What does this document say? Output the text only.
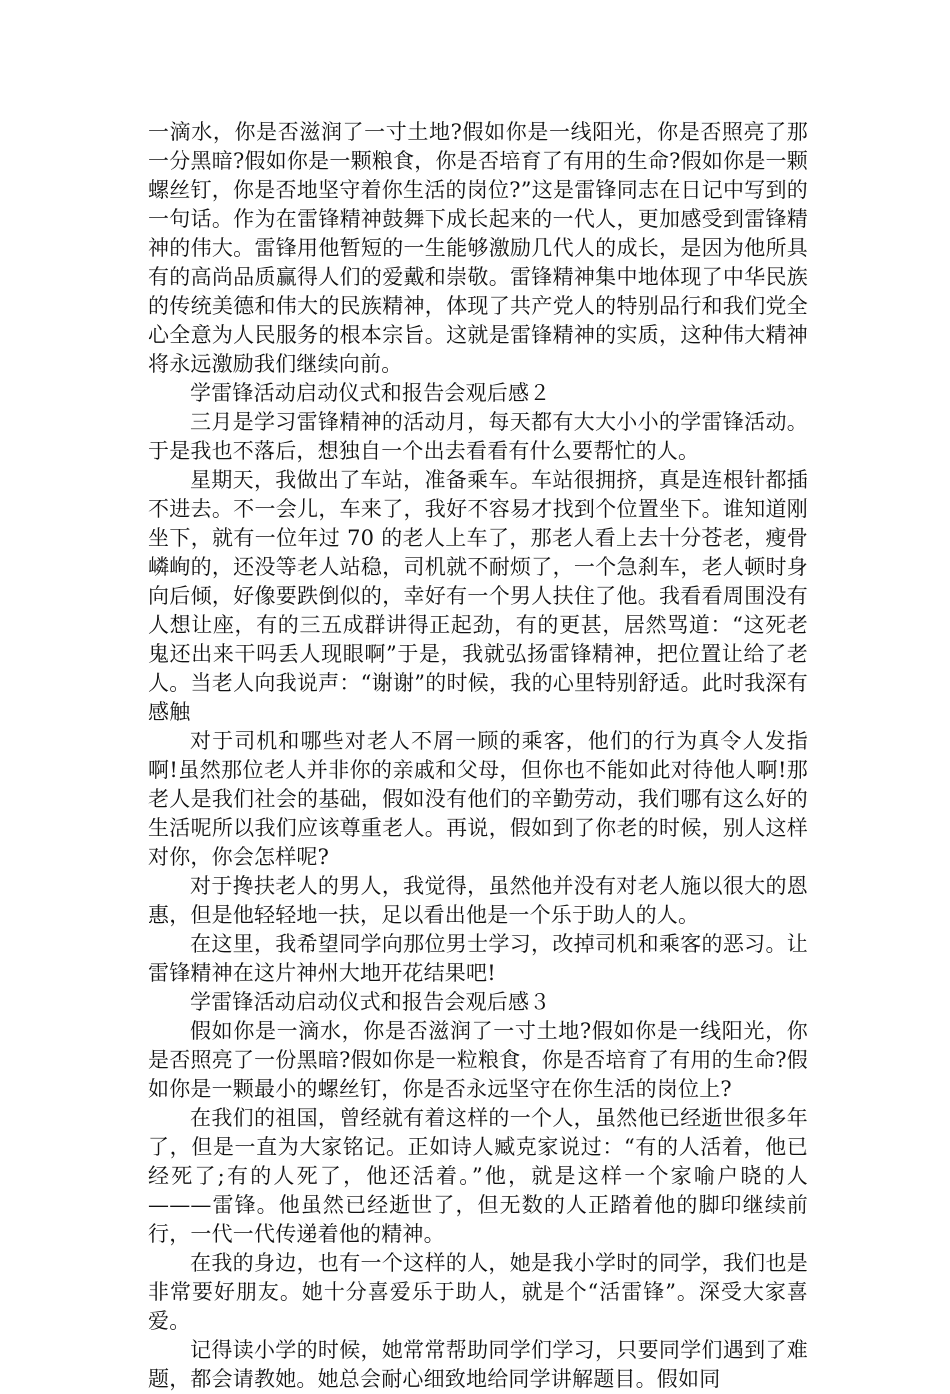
一滴水，你是否滋润了一寸土地?假如你是一线阳光，你是否照亮了那一分黑暗?假如你是一颗粮食，你是否培育了有用的生命?假如你是一颗螺丝钉，你是否地坚守着你生活的岗位?”这是雷锋同志在日记中写到的一句话。作为在雷锋精神鼓舞下成长起来的一代人，更加感受到雷锋精神的伟大。雷锋用他暂短的一生能够激励几代人的成长，是因为他所具有的高尚品质赢得人们的爱戴和崇敬。雷锋精神集中地体现了中华民族的传统美德和伟大的民族精神，体现了共产党人的特别品行和我们党全心全意为人民服务的根本宗旨。这就是雷锋精神的实质，这种伟大精神将永远激励我们继续向前。

学雷锋活动启动仪式和报告会观后感２

三月是学习雷锋精神的活动月，每天都有大大小小的学雷锋活动。于是我也不落后，想独自一个出去看看有什么要帮忙的人。

星期天，我做出了车站，准备乘车。车站很拥挤，真是连根针都插不进去。不一会儿，车来了，我好不容易才找到个位置坐下。谁知道刚坐下，就有一位年过 70 的老人上车了，那老人看上去十分苍老，瘦骨嶙峋的，还没等老人站稳，司机就不耐烦了，一个急刹车，老人顿时身向后倾，好像要跌倒似的，幸好有一个男人扶住了他。我看看周围没有人想让座，有的三五成群讲得正起劲，有的更甚，居然骂道：“这死老鬼还出来干吗丢人现眼啊”于是，我就弘扬雷锋精神，把位置让给了老人。当老人向我说声：“谢谢”的时候，我的心里特别舒适。此时我深有感触

对于司机和哪些对老人不屑一顾的乘客，他们的行为真令人发指啊!虽然那位老人并非你的亲戚和父母，但你也不能如此对待他人啊!那老人是我们社会的基础，假如没有他们的辛勤劳动，我们哪有这么好的生活呢所以我们应该尊重老人。再说，假如到了你老的时候，别人这样对你，你会怎样呢?

对于搀扶老人的男人，我觉得，虽然他并没有对老人施以很大的恩惠，但是他轻轻地一扶，足以看出他是一个乐于助人的人。

在这里，我希望同学向那位男士学习，改掉司机和乘客的恶习。让雷锋精神在这片神州大地开花结果吧!

学雷锋活动启动仪式和报告会观后感３

假如你是一滴水，你是否滋润了一寸土地?假如你是一线阳光，你是否照亮了一份黑暗?假如你是一粒粮食，你是否培育了有用的生命?假如你是一颗最小的螺丝钉，你是否永远坚守在你生活的岗位上?

在我们的祖国，曾经就有着这样的一个人，虽然他已经逝世很多年了，但是一直为大家铭记。正如诗人臧克家说过：“有的人活着，他已经死了;有的人死了，他还活着。”他，就是这样一个家喻户晓的人———雷锋。他虽然已经逝世了，但无数的人正踏着他的脚印继续前行，一代一代传递着他的精神。

在我的身边，也有一个这样的人，她是我小学时的同学，我们也是非常要好朋友。她十分喜爱乐于助人，就是个“活雷锋”。深受大家喜爱。

记得读小学的时候，她常常帮助同学们学习，只要同学们遇到了难题，都会请教她。她总会耐心细致地给同学讲解题目。假如同
